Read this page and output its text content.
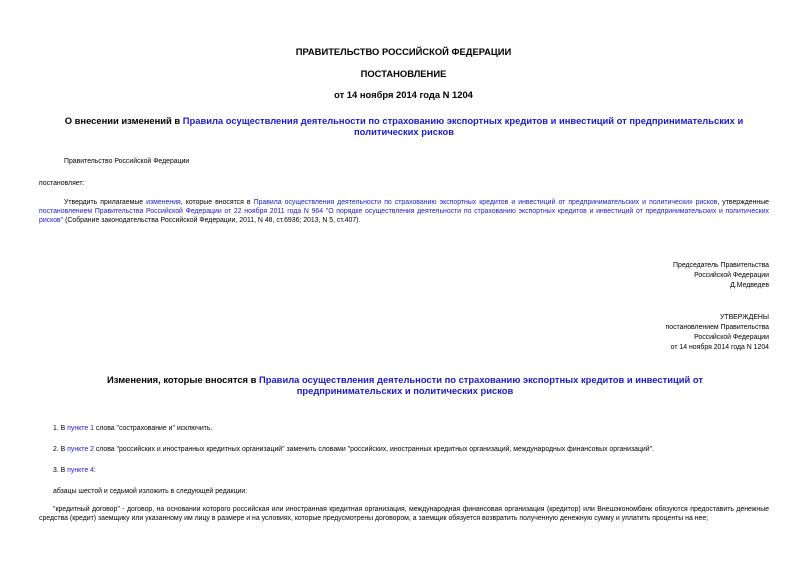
ПРАВИТЕЛЬСТВО РОССИЙСКОЙ ФЕДЕРАЦИИ
ПОСТАНОВЛЕНИЕ
от 14 ноября 2014 года N 1204
О внесении изменений в Правила осуществления деятельности по страхованию экспортных кредитов и инвестиций от предпринимательских и политических рисков
Правительство Российской Федерации
постановляет:
Утвердить прилагаемые изменения, которые вносятся в Правила осуществления деятельности по страхованию экспортных кредитов и инвестиций от предпринимательских и политических рисков, утвержденные постановлением Правительства Российской Федерации от 22 ноября 2011 года N 964 "О порядке осуществления деятельности по страхованию экспортных кредитов и инвестиций от предпринимательских и политических рисков" (Собрание законодательства Российской Федерации, 2011, N 48, ст.6936; 2013, N 5, ст.407).
Председатель Правительства
Российской Федерации
Д.Медведев
УТВЕРЖДЕНЫ
постановлением Правительства
Российской Федерации
от 14 ноября 2014 года N 1204
Изменения, которые вносятся в Правила осуществления деятельности по страхованию экспортных кредитов и инвестиций от предпринимательских и политических рисков
1. В пункте 1 слова "сострахование и" исключить.
2. В пункте 2 слова "российских и иностранных кредитных организаций" заменить словами "российских, иностранных кредитных организаций, международных финансовых организаций".
3. В пункте 4:
абзацы шестой и седьмой изложить в следующей редакции:
"кредитный договор" - договор, на основании которого российская или иностранная кредитная организация, международная финансовая организация (кредитор) или Внешэкономбанк обязуются предоставить денежные средства (кредит) заемщику или указанному им лицу в размере и на условиях, которые предусмотрены договором, а заемщик обязуется возвратить полученную денежную сумму и уплатить проценты на нее;
